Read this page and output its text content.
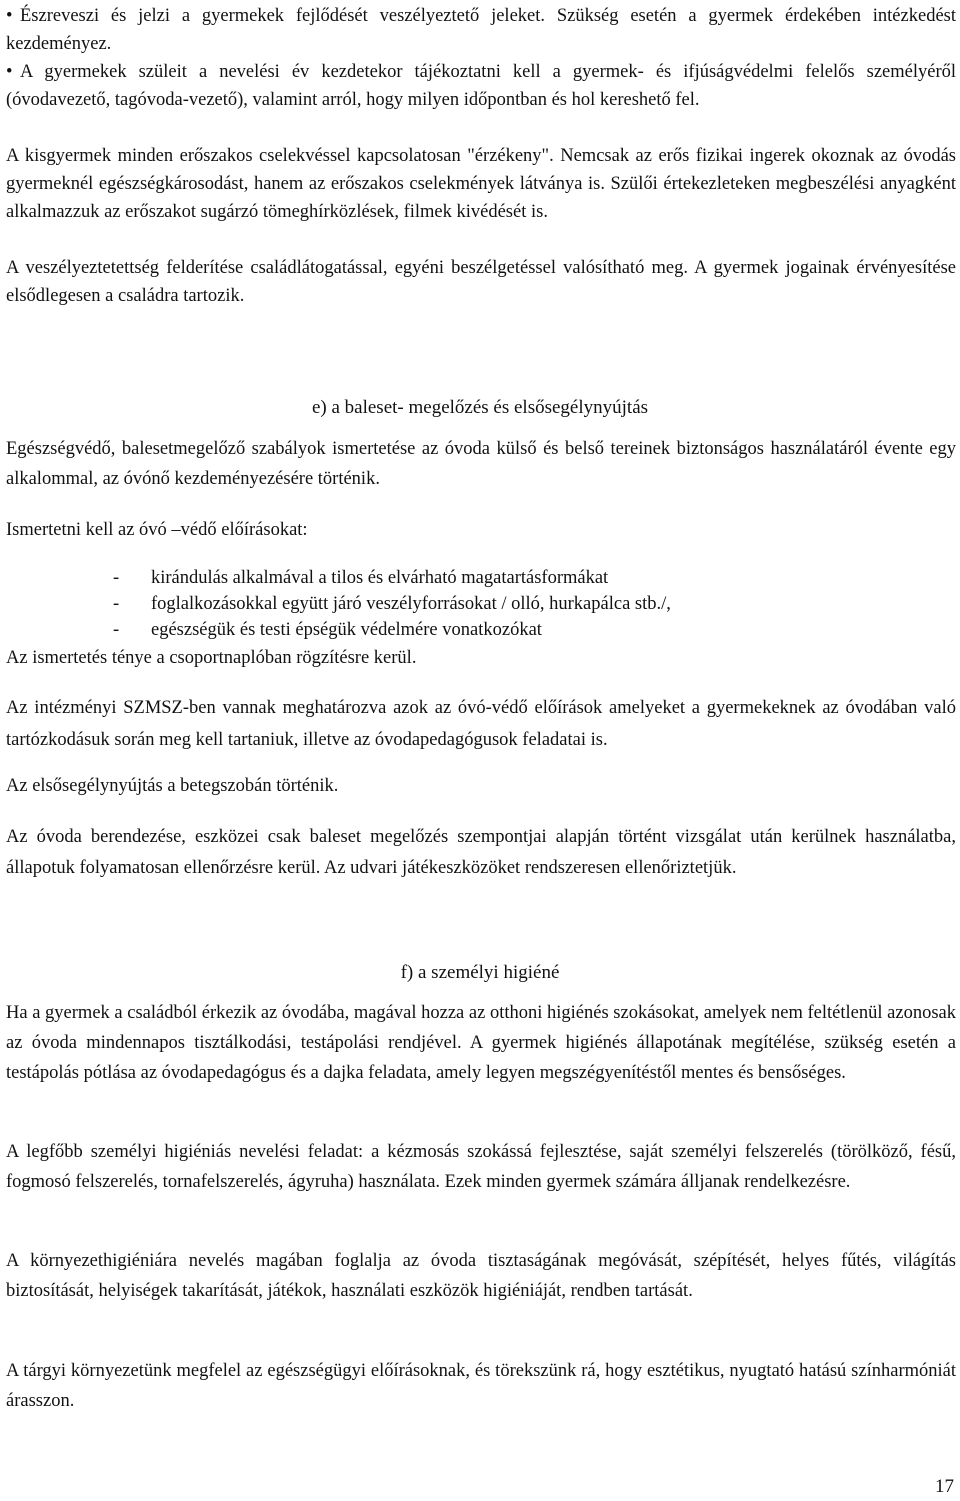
• Észreveszi és jelzi a gyermekek fejlődését veszélyeztető jeleket. Szükség esetén a gyermek érdekében intézkedést kezdeményez.

• A gyermekek szüleit a nevelési év kezdetekor tájékoztatni kell a gyermek- és ifjúságvédelmi felelős személyéről (óvodavezető, tagóvoda-vezető), valamint arról, hogy milyen időpontban és hol kereshető fel.

A kisgyermek minden erőszakos cselekvéssel kapcsolatosan "érzékeny". Nemcsak az erős fizikai ingerek okoznak az óvodás gyermeknél egészségkárosodást, hanem az erőszakos cselekmények látványa is. Szülői értekezleteken megbeszélési anyagként alkalmazzuk az erőszakot sugárzó tömeghírközlések, filmek kivédését is.

A veszélyeztetettség felderítése családlátogatással, egyéni beszélgetéssel valósítható meg. A gyermek jogainak érvényesítése elsődlegesen a családra tartozik.

e) a baleset- megelőzés és elsősegélynyújtás

Egészségvédő, balesetmegelőző szabályok ismertetése az óvoda külső és belső tereinek biztonságos használatáról évente egy alkalommal, az óvónő kezdeményezésére történik.

Ismertetni kell az óvó –védő előírásokat:

- kirándulás alkalmával a tilos és elvárható magatartásformákat
- foglalkozásokkal együtt járó veszélyforrásokat / olló, hurkapálca stb./,
- egészségük és testi épségük védelmére vonatkozókat

Az ismertetés ténye a csoportnaplóban rögzítésre kerül.

Az intézményi SZMSZ-ben vannak meghatározva azok az óvó-védő előírások amelyeket a gyermekeknek az óvodában való tartózkodásuk során meg kell tartaniuk, illetve az óvodapedagógusok feladatai is.

Az elsősegélynyújtás a betegszobán történik.

Az óvoda berendezése, eszközei csak baleset megelőzés szempontjai alapján történt vizsgálat után kerülnek használatba, állapotuk folyamatosan ellenőrzésre kerül. Az udvari játékeszközöket rendszeresen ellenőriztetjük.

f) a személyi higiéné

Ha a gyermek a családból érkezik az óvodába, magával hozza az otthoni higiénés szokásokat, amelyek nem feltétlenül azonosak az óvoda mindennapos tisztálkodási, testápolási rendjével. A gyermek higiénés állapotának megítélése, szükség esetén a testápolás pótlása az óvodapedagógus és a dajka feladata, amely legyen megszégyenítéstől mentes és bensőséges.

A legfőbb személyi higiéniás nevelési feladat: a kézmosás szokássá fejlesztése, saját személyi felszerelés (törölköző, fésű, fogmosó felszerelés, tornafelszerelés, ágyruha) használata. Ezek minden gyermek számára álljanak rendelkezésre.

A környezethigiéniára nevelés magában foglalja az óvoda tisztaságának megóvását, szépítését, helyes fűtés, világítás biztosítását, helyiségek takarítását, játékok, használati eszközök higiéniáját, rendben tartását.

A tárgyi környezetünk megfelel az egészségügyi előírásoknak, és törekszünk rá, hogy esztétikus, nyugtató hatású színharmóniát árasszon.

17
